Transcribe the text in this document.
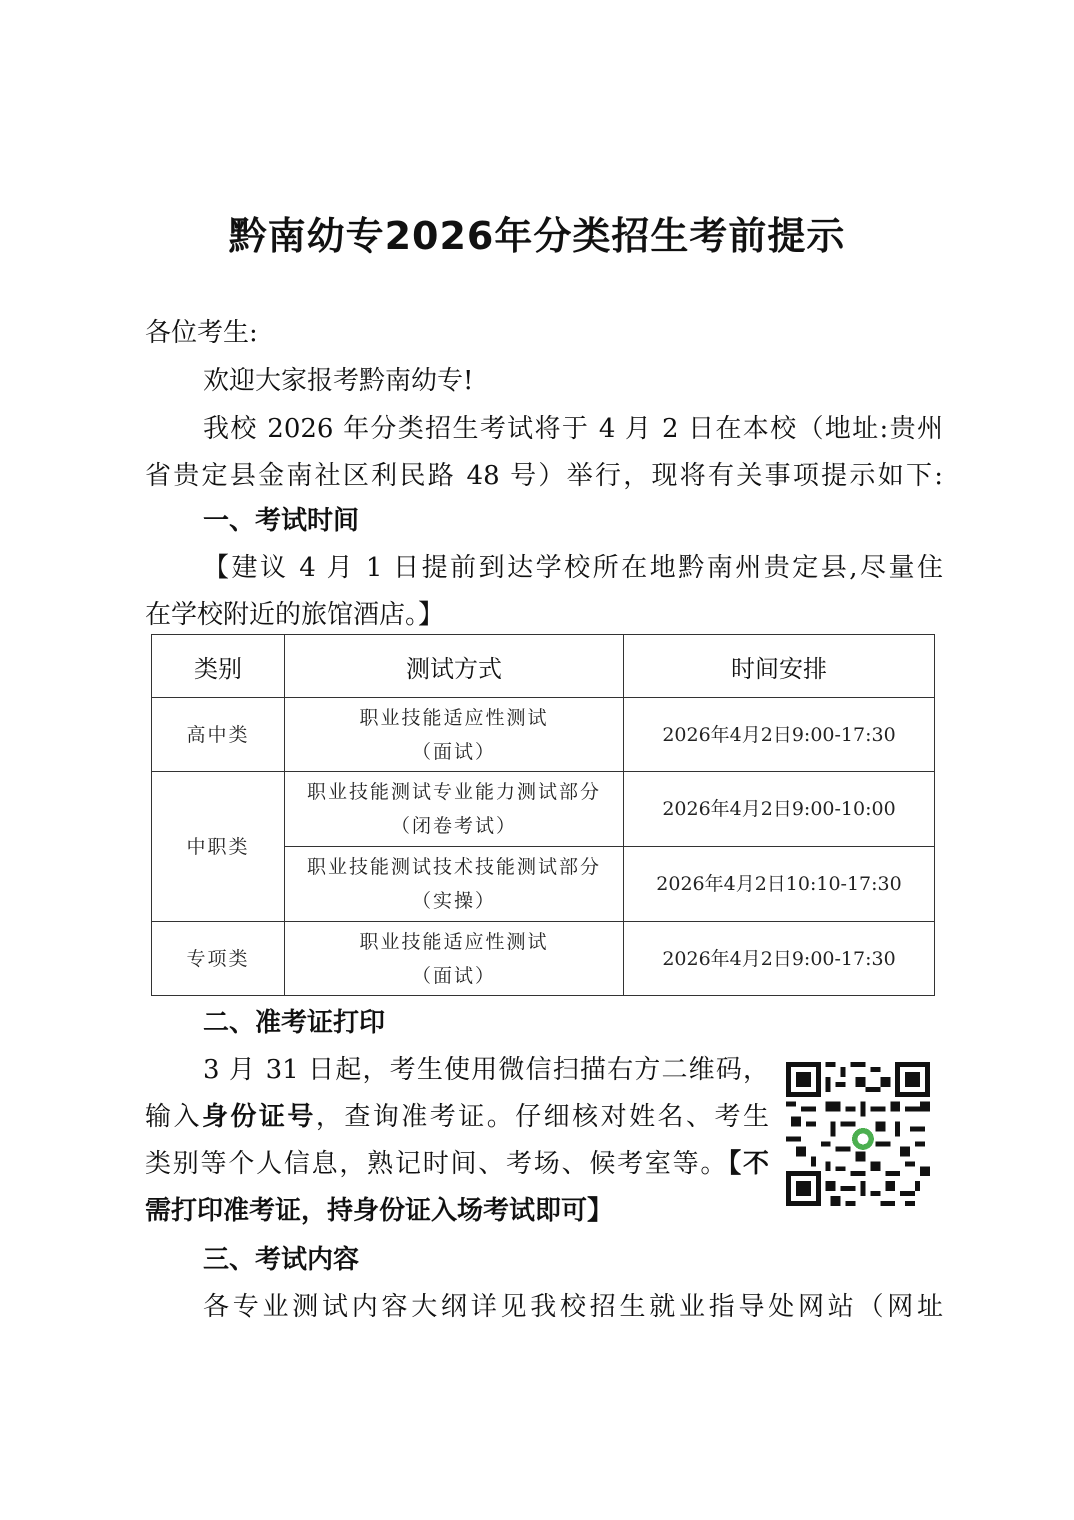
黔南幼专2026年分类招生考前提示
各位考生:
欢迎大家报考黔南幼专!
我校 2026 年分类招生考试将于 4 月 2 日在本校（地址:贵州
省贵定县金南社区利民路 48 号）举行，现将有关事项提示如下:
一、考试时间
【建议 4 月 1 日提前到达学校所在地黔南州贵定县,尽量住
在学校附近的旅馆酒店。】
类别	测试方式	时间安排
高中类	职业技能适应性测试
（面试）	2026年4月2日9:00-17:30
中职类	职业技能测试专业能力测试部分
（闭卷考试）	2026年4月2日9:00-10:00

	职业技能测试技术技能测试部分
（实操）	2026年4月2日10:10-17:30
专项类	职业技能适应性测试
（面试）	2026年4月2日9:00-17:30
二、准考证打印
3 月 31 日起，考生使用微信扫描右方二维码，
输入身份证号，查询准考证。仔细核对姓名、考生
类别等个人信息，熟记时间、考场、候考室等。【不
需打印准考证，持身份证入场考试即可】
三、考试内容
各专业测试内容大纲详见我校招生就业指导处网站（网址
